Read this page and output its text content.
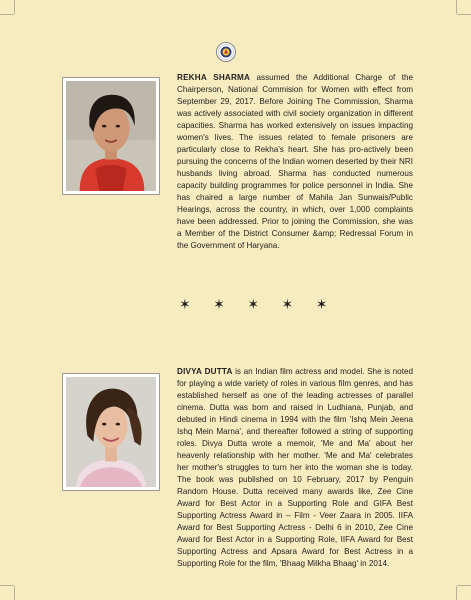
REKHA SHARMA assumed the Additional Charge of the Chairperson, National Commision for Women with effect from September 29, 2017. Before Joining The Commission, Sharma was actively associated with civil society organization in different capacities. Sharma has worked extensively on issues impacting women's lives. The issues related to female prisoners are particularly close to Rekha's heart. She has pro-actively been pursuing the concerns of the Indian women deserted by their NRI husbands living abroad. Sharma has conducted numerous capacity building programmes for police personnel in India. She has chaired a large number of Mahila Jan Sunwais/Public Hearings, across the country, in which, over 1,000 complaints have been addressed. Prior to joining the Commission, she was a Member of the District Consumer &amp; Redressal Forum in the Government of Haryana.

✶ ✶ ✶ ✶ ✶

DIVYA DUTTA is an Indian film actress and model. She is noted for playing a wide variety of roles in various film genres, and has established herself as one of the leading actresses of parallel cinema. Dutta was born and raised in Ludhiana, Punjab, and debuted in Hindi cinema in 1994 with the film 'Ishq Mein Jeena Ishq Mein Marna', and thereafter followed a string of supporting roles. Divya Dutta wrote a memoir, 'Me and Ma' about her heavenly relationship with her mother. 'Me and Ma' celebrates her mother's struggles to turn her into the woman she is today. The book was published on 10 February, 2017 by Penguin Random House. Dutta received many awards like, Zee Cine Award for Best Actor in a Supporting Role and GIFA Best Supporting Actress Award in – Film - Veer Zaara in 2005. IIFA Award for Best Supporting Actress - Delhi 6 in 2010, Zee Cine Award for Best Actor in a Supporting Role, IIFA Award for Best Supporting Actress and Apsara Award for Best Actress in a Supporting Role for the film, 'Bhaag Milkha Bhaag' in 2014.
